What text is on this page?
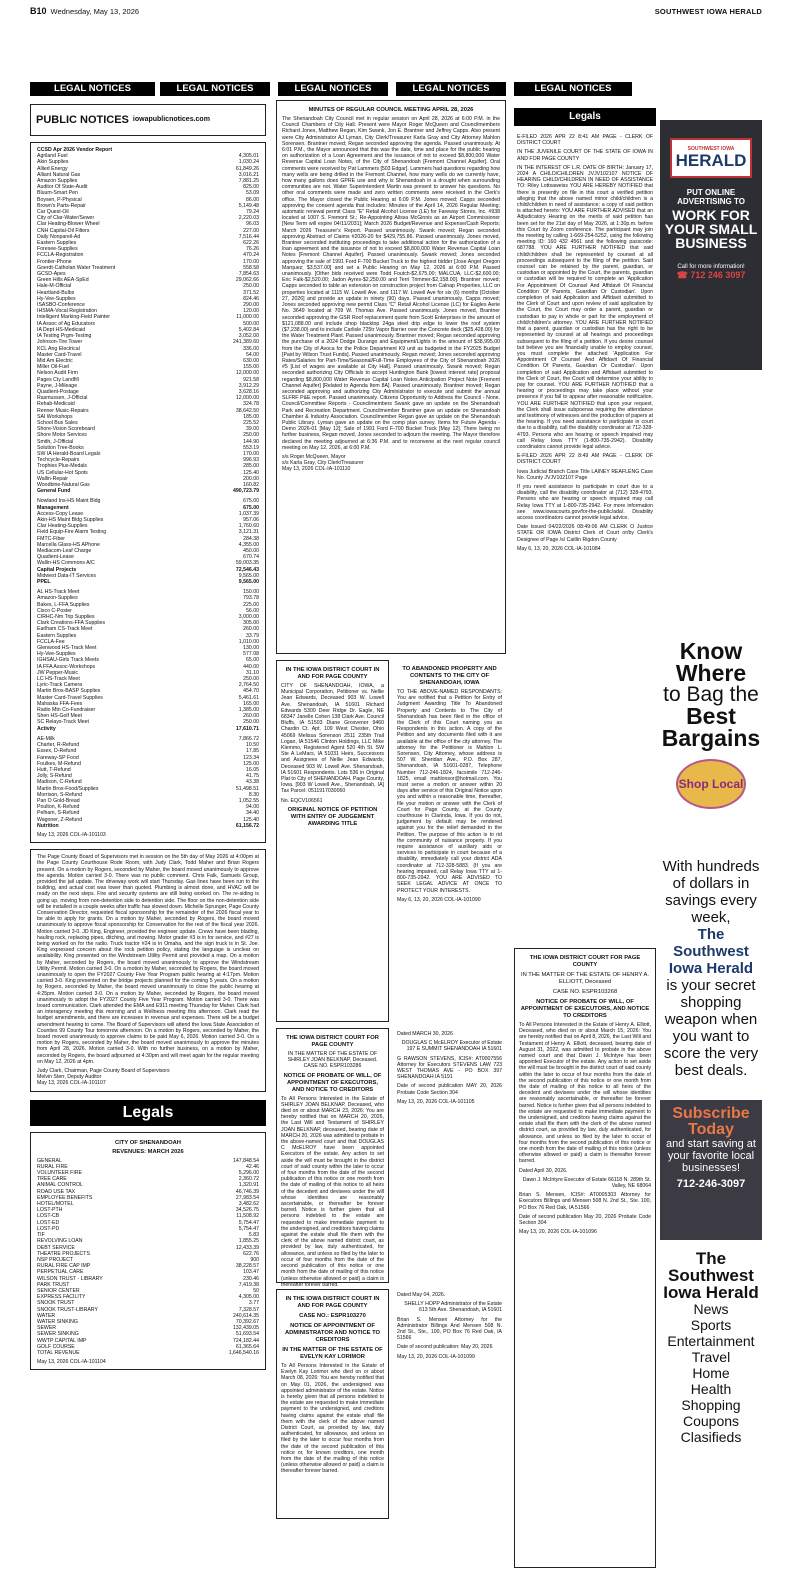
B10 Wednesday, May 13, 2026	SOUTHWEST IOWA HERALD
LEGAL NOTICES	LEGAL NOTICES	LEGAL NOTICES	LEGAL NOTICES	LEGAL NOTICES
PUBLIC NOTICES iowapublicnotices.com
CCSD Apr 2026 Vendor Report
Agriland Fuel	4,305.01
Akin Supplies	1,030.24
Allied Energy	61,849.26
Alliant Natural Gas	3,016.21
Amazon Supplies	7,881.25
Auditor Of State-Audit	825.00
Bluum-Smart Pen	53.09
Boysen, P-Physical	86.00
Brown's Parts-Repair	5,149.48
Car Quest-Oil	79.24
City of Clar-Water/Sewer	2,220.03
Clar Heating-Blower Wheel	96.03
CNH Capital-Oil Filters	227.00
Daily Nonpareil-Ad	7,516.44
Eastern Supplies	622.26
Foresee-Supplies	76.26
FCCLA-Registration	470.24
Frontier-Phone	170.00
Goerdt-Catholan Water Treatment	558.58
GCSD-Apes	7,854.63
Green Hills AEA-SpEd	29,062.66
Hale-M-Official	250.00
Heartland-Bulbs	371.52
Hy-Vee-Supplies	824.46
ISASBO-Conference	290.00
IHSMA-Vocal Registration	120.00
Intelligent Marking-Field Painter	11,000.00
IA Assoc of Ag Educators	500.00
IA Dept HS-Medicaid	5,402.84
IA Testing Prgm-Testing	3,052.00
Johnson-Tire Tower	241,389.60
KCL Ang Electrical	336.00
Master Card-Travel	54.00
Mid Am Electric	630.00
Miller Oil-Fuel	155.00
Nelson Audit Firm	12,000.00
Pages Cty Landfill	921.58
Payne, J-Mileage	3,912.29
Quadient-Postage	3,628.16
Rasmussen, J-Official	12,000.00
Rehab-Medicaid	324.78
Renner Music-Repairs	38,642.50
SAI Workshops	185.00
School Bus Sales	225.52
Shore-Vision Scoreboard	39.00
Shore Motor Services	250.00
Smith, J-Official	144.90
Solution Tree-Books	553.19
SW IA Herald-Board Legals	170.00
Techcycle-Repairs	996.93
Trophies Plus-Medals	285.00
US Cellular-Hot Spots	125.40
Wallin-Repair	200.00
Woodbine-Natural Gas	160.82
General Fund	490,723.79
Nowland Ins-HS Maint Bldg	675.00
Management	675.00
Access-Copy Lease	1,037.39
Akin-HS Maint Bldg Supplies	957.06
Clar Heating-Supplies	1,760.60
Field Equip-Fire Alarm Testing	3,121.31
FMTC-Fiber	284.38
Marcella Glass-HS APhone	4,355.00
Mediacom-Leaf Charge	450.00
Quadient-Lease	670.74
Wallin-HS Commons A/C	59,003.35
Capital Projects	72,546.43
Midwest Data-IT Services	9,565.00
PPEL	9,565.00
AL HS-Track Meet	150.00
Amazon-Supplies	793.78
Bakes, L-FFA Supplies	225.00
Cisco C-Poster	56.00
CIRHC-Nm Trip Supplies	3,000.00
Clark Creations-FFA Supplies	305.00
Earlham CS-Track Meet	260.00
Eastern Supplies	33.79
FCCLA-Fee	1,010.00
Glenwood HS-Track Meet	130.00
Hy-Vee-Supplies	577.08
IGHSAU-Girls Track Meets	65.00
IA FFA Assoc-Workshops	440.00
JW Pepper-Music	31.10
LC HS-Track Meet	250.00
Lyric-Track Camera	2,764.50
Martin Bros-BASP Supplies	454.70
Master Card-Travel Supplies	5,461.61
Mahaska FFA-Fees	165.00
Radio Mtn Co-Fundraiser	1,385.00
Shen HS-Golf Meet	260.00
SC Relays-Track Meet	250.00
Activity	17,610.71
AE-Milk	7,866.72
Charter, R-Refund	10.50
Essex, D-Refund	17.85
Fareway-SP Food	123.34
Foulkes, M-Refund	125.00
Hutt, T-Refund	16.05
Jolly, S-Refund	41.75
Madison, C-Refund	43.38
Martin Bros-Food/Supplies	51,498.51
Morrison, S-Refund	8.30
Pan O Gold-Bread	1,052.55
Poulton, K-Refund	94.00
Pelham, S-Refund	34.40
Wagoner, Z-Refund	125.40
Nutrition	61,156.72
May 13, 2026 COL-IA-101103
The Page County Board of Supervisors met in session on the 5th day of May 2026 at 4:00pm at the Page County Courthouse Rode Room, with Judy Clark, Todd Maher and Brian Rogers present. On a motion by Rogers, seconded by Maher, the board moved unanimously to approve the agenda. Motion carried 3-0. There was no public comment. Chris Falk, Samuels Group, provided the jail update. The driveway work will start Thursday. Gas lines have been run to the building, and actual cost was lower than quoted. Plumbing is almost done, and HVAC will be ready on the next steps. Fire and security systems are still being worked on. The re-siding is going up, moving from non-detention side to detention side. The floor on the non-detention side will be installed in a couple weeks after traffic has slowed down. Michelle Sprunger, Page County Conservation Director, requested fiscal sponsorship for the remainder of the 2026 fiscal year to be able to apply for grants. On a motion by Maher, seconded by Rogers, the board moved unanimously to approve fiscal sponsorship for Conservation for the rest of the fiscal year 2026. Motion carried 3-0. JD King, Engineer, provided the engineer update. Crews have been blading, hauling rock, replacing pipes, ditching, and mowing. Motor grader #3 is in for service, and #27 is being worked on for the radio. Truck tractor #24 is in Omaha, and the sign truck is in St. Joe. King expressed concern about the rock petition policy, stating the language is unclear on availability. King presented on the Windstream Utility Permit and provided a map. On a motion by Maher, seconded by Rogers, the board moved unanimously to approve the Windstream Utility Permit. Motion carried 3-0. On a motion by Maher, seconded by Rogers, the board moved unanimously to open the FY2027 County Five Year Program public hearing at 4:17pm. Motion carried 3-0. King presented on the bridge projects planned for the coming 5 years. On a motion by Rogers, seconded by Maher, the board moved unanimously to close the public hearing at 4:25pm. Motion carried 3-0. On a motion by Maher, seconded by Rogers, the board moved unanimously to adopt the FY2027 County Five Year Program. Motion carried 3-0. There was board communication. Clark attended the EMA and E911 meeting Thursday for Maher. Clark had an interagency meeting this morning and a Wellness meeting this afternoon. Clark read the budget amendments, and there are increases in revenue and expenses. There will be a budget amendment hearing to come. The Board of Supervisors will attend the Iowa State Association of Counties 99 County Tour tomorrow afternoon. On a motion by Rogers, seconded by Maher, the board moved unanimously to approve claims to be paid May 6, 2026. Motion carried 3-0. On a motion by Rogers, seconded by Maher, the board moved unanimously to approve the minutes from April 28, 2026. Motion carried 3-0. With no further business, on a motion by Maher, seconded by Rogers, the board adjourned at 4:30pm and will meet again for the regular meeting on May 12, 2026 at 4pm.
Judy Clark, Chairman, Page County Board of Supervisors
Melvin Sterr, Deputy Auditor
May 13, 2026 COL-IA-101107
Legals
CITY OF SHENANDOAH
REVENUES: MARCH 2026
GENERAL	147,848.54
RURAL FIRE	42.46
VOLUNTEER FIRE	5,296.00
TREE CARE	2,360.72
ANIMAL CONTROL	1,320.91
ROAD USE TAX	46,746.39
EMPLOYEE BENEFITS	27,983.54
HOTEL/MOTEL	3,482.62
LOST-PTH	34,526.75
LOST-CB	11,508.92
LOST-ED	5,754.47
LOST-PD	5,754.47
TIF	5.83
REVOLVING LOAN	1,855.25
DEBT SERVICE	12,433.39
THEATRE PROJECTS	622.76
NSP PROJECT	900
RURAL FIRE CAP IMP	38,228.57
PERPETUAL CARE	103.47
WILSON TRUST - LIBRARY	230.46
PARK TRUST	7,419.38
SENIOR CENTER	50
EXPRESS FACILITY	4,305.00
SNOOK TRUST	3.77
SNOOK TRUST-LIBRARY	7,328.57
WATER	240,614.35
WATER SINKING	70,392.67
SEWER	132,439.05
SEWER SINKING	51,693.54
WWTP CAPITAL IMP	724,182.44
GOLF COURSE	61,365.64
TOTAL REVENUE	1,646,540.16
May 13, 2026 COL-IA-101104
MINUTES OF REGULAR COUNCIL MEETING APRIL 28, 2026
The Shenandoah City Council met in regular session on April 28, 2026 at 6:00 P.M. in the Council Chambers of City Hall. Present were Mayor Roger McQueen and Councilmembers Richard Jones, Matthew Regan, Kim Swank, Jon E. Brantner and Jeffrey Capps. Also present were City Administrator AJ Lyman, City Clerk/Treasurer Karla Gray and City Attorney Mahlon Sorensen. Brantner moved; Regan seconded approving the agenda. Passed unanimously. At 6:01 P.M., the Mayor announced that this was the date, time and place for the public hearing on authorization of a Loan Agreement and the issuance of not to exceed $8,800,000 Water Revenue Capital Loan Notes, of the City of Shenandoah [Fremont Channel Aquifer]. Oral comments were received by Pat Lammers [503 Edgar]. Lammers had questions regarding how many wells are being drilled in the Fremont Channel, how many wells do we currently have, how many gallons does GPRE use and why is Shenandoah in a drought when surrounding communities are not. Water Superintendent Martin was present to answer his questions. No other oral comments were made and zero written comments were received in the Clerk's office. The Mayor closed the Public Hearing at 6:09 P.M. Jones moved; Capps seconded approving the consent agenda that includes: Minutes of the April 14, 2026 Regular Meeting; automatic renewal permit Class "E" Retail Alcohol License (LE) for Fareway Stores, Inc. #938 located at 1007 S. Fremont St.; Re-Appointing Alissa McGinnis as an Airport Commissioner [New Term will expire 04/11/2031]; March 2026 Budget/Revenue and Expense/Cash Reports; March 2026 Treasurer's Report. Passed unanimously. Swank moved; Regan seconded approving Abstract of Claims #2026-20 for $429,755.86. Passed unanimously. Jones moved, Brantner seconded instituting proceedings to take additional action for the authorization of a loan agreement and the issuance of not to exceed $8,800,000 Water Revenue Capital Loan Notes [Fremont Channel Aquifer]. Passed unanimously. Swank moved; Jones seconded approving the sale of 1991 Ford F-700 Bucket Truck to the highest bidder [Jose Angel Oregon Marquez; $3,537.00] and set a Public Hearing on May 12, 2026 at 6:00 P.M. Passed unanimously. [Other bids received were Todd Foutch-$2,675.00; MALCUA, LLC-$2,600.00; Eric Falk-$2,520.00; Jadon Ayres-$2,250.00 and Terri Trimmer-$2,158.00]. Brantner moved; Capps seconded to table an extension on construction project from Calnap Properties, LLC on properties located at 1115 W. Lowell Ave. and 1117 W. Lowell Ave for six (6) months [October 27, 2026] and provide an update in ninety (90) days. Passed unanimously. Capps moved; Jones seconded approving new permit Class "C" Retail Alcohol License (LC) for Eagles Aerie No. 3649 located at 709 W. Thomas Ave. Passed unanimously. Jones moved, Brantner seconded approving the GSR Roof replacement quote from Scott Enterprises in the amount of $121,088.00 and include shop blacktop 24ga steel drip edge to lower the roof system ($7,238.00) and to include Carlisle 725tr Vapor Barrier over the Concrete deck ($25,428.00) for the Water Treatment Plant. Passed unanimously. Brantner moved; Regan seconded approving the purchase of a 2024 Dodge Durango and Equipment/Lights in the amount of $38,995.00 from the City of Avoca for the Police Department K9 unit as budgeted in the FY2025 Budget [Paid by Wilson Trust Funds]. Passed unanimously. Regan moved; Jones seconded approving Rates/Salaries for Part-Time/Seasonal/Full-Time Employees of the City of Shenandoah 2026 #5 [List of wages are available at City Hall]. Passed unanimously. Swank moved; Regan seconded authorizing City Officials to accept Huntington Bank [lowest interest rate] proposal regarding $8,800,000 Water Revenue Capital Loan Notes Anticipation Project Note [Fremont Channel Aquifer] [Related to Agenda Item 8A]. Passed unanimously. Brantner moved; Regan seconded approving and authorizing City Administrator to execute and submit the annual SLFRF P&E report. Passed unanimously. Citizens Opportunity to Address the Council - None. Council/Committee Reports - Councilmembers Swank gave an update on the Shenandoah Park and Recreation Department. Councilmember Brantner gave an update on Shenandoah Chamber & Industry Association. Councilmember Regan gave an update on the Shenandoah Public Library. Lyman gave an update on the comp plan survey. Items for Future Agenda - Demo 2026-01 [May 12]; Sale of 1991 Ford F-700 Bucket Truck [May 12]. There being no further business, Regan moved, Jones seconded to adjourn the meeting. The Mayor therefore declared the meeting adjourned at 6:36 P.M. and to reconvene at the next regular council meeting on May 12, 2026, at 6:00 P.M.
s/s Roger McQueen, Mayor
s/s Karla Gray, City Clerk/Treasurer
May 13, 2026 COL-IA-101110
IN THE IOWA DISTRICT COURT IN AND FOR PAGE COUNTY
CITY OF SHENANDOAH, IOWA, a Municipal Corporation, Petitioner vs. Nellie Jean Edwards, Deceased 903 W. Lowell Ave. Shenandoah, IA 51601 Richard Edwards 5300 Deer Ridge Dr. Eagle, NE 68347 Janelle Cohen 138 Clark Ave. Council Bluffs, IA 51503 Diane Grosvenor 9460 Chardin Ct. Apt. 109 West Chester, Ohio 45069 Melissa Sorenson 2511 235th Trail Logan, IA 51546 Clinton Holdings, LLC Mike Klemmo, Registered Agent 520 4th St. SW Ste A LeMars, IA 51031 Heirs, Successors and Assignees of Nellie Jean Edwards, Deceased 903 W. Lowell Ave. Shenandoah, IA 51601 Respondents. Lots 536 in Original Plat to City of SHENANDOAH, Page County, Iowa. [903 W Lowell Ave., Shenandoah, IA] Tax Parcel: 0511917030060
No. EQCV106561
ORIGINAL NOTICE OF PETITION WITH ENTRY OF JUDGEMENT AWARDING TITLE
TO ABANDONED PROPERTY AND CONTENTS TO THE CITY OF SHENANDOAH, IOWA
TO THE ABOVE-NAMED RESPONDANTS: You are notified that a Petition for Entry of Judgment Awarding Title To Abandoned Property and Contents to The City of Shenandoah has been filed in the office of the Clerk of this Court naming you as Respondents in this action. A copy of the Petition and any documents filed with it are available at the office of the city attorney. The attorney for the Petitioner is Mahlon L. Sorensen, City Attorney, whose address is 507 W. Sheridan Ave., P.O. Box 287, Shenandoah, IA 51601-0287, Telephone Number 712-246-1824, facsimile 712-246-1825, email mahlonsor@hotmail.com. You must serve a motion or answer within 20 days after service of this Original Notice upon you and within a reasonable time, thereafter, file your motion or answer with the Clerk of Court for Page County, at the County courthouse in Clarinda, Iowa. If you do not, judgement by default may be rendered against you for the relief demanded in the Petition. The purpose of this action is to rid the community of nuisance property. If you require assistance of auxiliary aids or services to participate in court because of a disability, immediately call your district ADA coordinator at 712-328-5883. (If you are hearing impaired, call Relay Iowa TTY at 1-800-735-2942. YOU ARE ADVISED TO SEEK LEGAL ADVICE AT ONCE TO PROTECT YOUR INTERESTS.
May 6, 13, 20, 2026 COL-IA-101090
THE IOWA DISTRICT COURT FOR PAGE COUNTY
IN THE MATTER OF THE ESTATE OF SHIRLEY JOAN BELKNAP, Deceased. CASE NO. ESPR103286
NOTICE OF PROBATE OF WILL, OF APPOINTMENT OF EXECUTORS, AND NOTICE TO CREDITORS
To All Persons Interested in the Estate of SHIRLEY JOAN BELKNAP, Deceased, who died on or about MARCH 23, 2026: You are hereby notified that on MARCH 20, 2026, the Last Will and Testament of SHIRLEY JOAN BELKNAP, deceased, bearing date of MARCH 20, 2026 was admitted to probate in the above-named court and that DOUGLAS C McELROY have been appointed Executors of the estate. Any action to set aside the will must be brought in the district court of said county within the later to occur of four months from the date of the second publication of this notice or one month from the date of mailing of this notice to all heirs of the decedent and devisees under the will whose identities are reasonably ascertainable, or thereafter be forever barred. Notice is further given that all persons indebted to the estate are requested to make immediate payment to the undersigned, and creditors having claims against the estate shall file them with the clerk of the above named district court, as provided by law, duly authenticated, for allowance, and unless so filed by the later to occur of four months from the date of the second publication of this notice or one month from the date of mailing of this notice (unless otherwise allowed or paid) a claim is thereafter forever barred.
Dated MARCH 30, 2026
DOUGLAS C McELROY Executor of Estate 197 E SUMMIT SHENANDOAH IA 51601
G RAWSON STEVENS, ICIS#: AT0007556 Attorney for Executors STEVENS LAW 723 WEST THOMAS AVE - PO BOX 397 SHENANDOAH IA 5191
Date of second publication MAY 20, 2026 Probate Code Section 304
May 13, 20, 2026 COL-IA-101105
IN THE IOWA DISTRICT COURT IN AND FOR PAGE COUNTY
CASE NO.: ESPR103270
NOTICE OF APPOINTMENT OF ADMINISTRATOR AND NOTICE TO CREDITORS
IN THE MATTER OF THE ESTATE OF EVELYN KAY LORIMOR
To All Persons Interested in the Estate of Evelyn Kay Lorimor who died on or about March 08, 2026: You are hereby notified that on May 01, 2026, the undersigned was appointed administrator of the estate. Notice is hereby given that all persons indebted to the estate are requested to make immediate payment to the undersigned, and creditors having claims against the estate shall file them with the clerk of the above named District Court, as provided by law, duly authenticated, for allowance, and unless so filed by the later to occur four months from the date of the second publication of this notice or, for known creditors, one month from the date of the mailing of this notice (unless otherwise allowed or paid) a claim is thereafter forever barred.
Dated May 04, 2026.
SHELLY HOPP Administrator of the Estate 613 5th Ave. Shenandoah, IA 51601
Brian S. Mensen Attorney for the Administrator Billings And Mensen 508 N. 2nd St., Ste., 100, PO Box 76 Red Oak, IA 51566
Date of second publication: May 20, 2026
May 13, 20, 2026 COL-IA-101099
Legals
E-FILED 2026 APR 22 8:41 AM PAGE - CLERK OF DISTRICT COURT
IN THE JUVENILE COURT OF THE STATE OF IOWA IN AND FOR PAGE COUNTY
IN THE INTEREST OF L.R. DATE OF BIRTH: January 17, 2024 A CHILD/CHILDREN JVJV102107 NOTICE OF HEARING CHILD/CHILDREN IN NEED OF ASSISTANCE TO: Riley Lottsaweiss YOU ARE HEREBY NOTIFIED that there is presently on file in this court a verified petition alleging that the above named minor child/children is a child/children in need of assistance; a copy of said petition is attached hereto: YOU ARE FURTHER ADVISED that an Adjudicatory Hearing on the merits of said petition has been set for the 21st day of May 2026, at 1:30p.m. before this Court by Zoom conference. The participant may join the meeting by calling 1-669-254-5252, using the following meeting ID: 160 432 4561 and the following passcode: 687788. YOU ARE FURTHER NOTIFIED that said child/children shall be represented by counsel at all proceedings subsequent to the filing of the petition. Said counsel can be retained by the parent, guardian, or custodian or appointed by the Court, the parents, guardian or custodian will be required to complete an 'Application For Appointment Of Counsel And Affidavit Of Financial Condition Of Parents, Guardian Or Custodian'. Upon completion of said Application and Affidavit submitted to the Clerk of Court and upon review of said application by the Court, the Court may order a parent, guardian or custodian to pay in whole or part for the employment of child/children's attorney. YOU ARE FURTHER NOTIFIED that a parent, guardian or custodian has the right to be represented by counsel at all hearings and proceedings subsequent to the filing of a petition. If you desire counsel but believe you are financially unable to employ counsel, you must complete the attached 'Application For Appointment Of Counsel And Affidavit Of Financial Condition Of Parents, Guardian Or Custodian'. Upon completion of said Application and Affidavit submitted to the Clerk of Court, the Court will determine your ability to pay for counsel. YOU ARE FURTHER NOTIFIED that a hearing or proceedings may take place without your presence if you fail to appear after reasonable notification. YOU ARE FURTHER NOTIFIED that upon your request, the Clerk shall issue subpoenas requiring the attendance and testimony of witnesses and the production of papers at the hearing. If you need assistance to participate in court due to a disability, call the disability coordinator at 712-328-4793. Persons who are hearing or speech impaired may call Relay Iowa TTY (1-800-735-2942). Disability coordinators cannot provide legal advice.
E-FILED 2026 APR 22 8:49 AM PAGE - CLERK OF DISTRICT COURT
Iowa Judicial Branch Case Title LAINEY REAFLENG Case No. County JVJV102107 Page
If you need assistance to participate in court due to a disability, call the disability coordinator at (712) 328-4793. Persons who are hearing or speech impaired may call Relay Iowa TTY at 1-800-735-2942. For more information see www.iowacourts.gov/for-the-public/ada/. Disability access coordinators cannot provide legal advice.
Date Issued 04/22/2026 08:49:06 AM CLERK O Justice STATE OR IOWA District Clerk of Court or/by Clerk's Designee of Page /s/ Caitlin Rigdon County
May 6, 13, 20, 2026 COL-IA-101084
THE IOWA DISTRICT COURT FOR PAGE COUNTY
IN THE MATTER OF THE ESTATE OF HENRY A. ELLIOTT, Deceased
CASE NO. ESPR103268
NOTICE OF PROBATE OF WILL, OF APPOINTMENT OF EXECUTORS, AND NOTICE TO CREDITORS
To All Persons Interested in the Estate of Henry A. Elliott, Deceased, who died on or about March 15, 2026: You are hereby notified that on April 8, 2026, the Last Will and Testament of Henry A. Elliott, deceased, bearing date of August 31, 2022, was admitted to probate in the above named court and that Dawn J. McIntyre has been appointed Executor of the estate. Any action to set aside the will must be brought in the district court of said county within the later to occur of four months from the date of the second publication of this notice or one month from the date of mailing of this notice to all heirs of the decedent and devisees under the will whose identities are reasonably ascertainable, or thereafter be forever barred. Notice is further given that all persons indebted to the estate are requested to make immediate payment to the undersigned, and creditors having claims against the estate shall file them with the clerk of the above named district court, as provided by law, duly authenticated, for allowance, and unless so filed by the later to occur of four months from the second publication of this notice or one month from the date of mailing of this notice (unless otherwise allowed or paid) a claim is thereafter forever barred.
Dated April 30, 2026.
Dawn J. McIntyre Executor of Estate 66118 N. 289th St. Valley, NE 68064
Brian S. Mensen, ICIS#: AT0005303 Attorney for Executors Billings and Mensen 508 N. 2nd St., Ste. 100, PO Box 76 Red Oak, IA 51566
Date of second publication May 20, 2026 Probate Code Section 304
May 13, 20, 2026 COL-IA-101096
SOUTHWEST IOWA
HERALD
PUT ONLINE ADVERTISING TO
WORK FOR YOUR SMALL BUSINESS
Call for more information!
☎ 712 246 3097
Know Where
to Bag the
Best Bargains
Shop Local
With hundreds of dollars in savings every week,
The Southwest Iowa Herald
is your secret shopping weapon when you want to score the very best deals.
Subscribe Today
and start saving at your favorite local businesses!
712-246-3097
The Southwest Iowa Herald
News
Sports
Entertainment
Travel
Home
Health
Shopping
Coupons
Clasifieds
